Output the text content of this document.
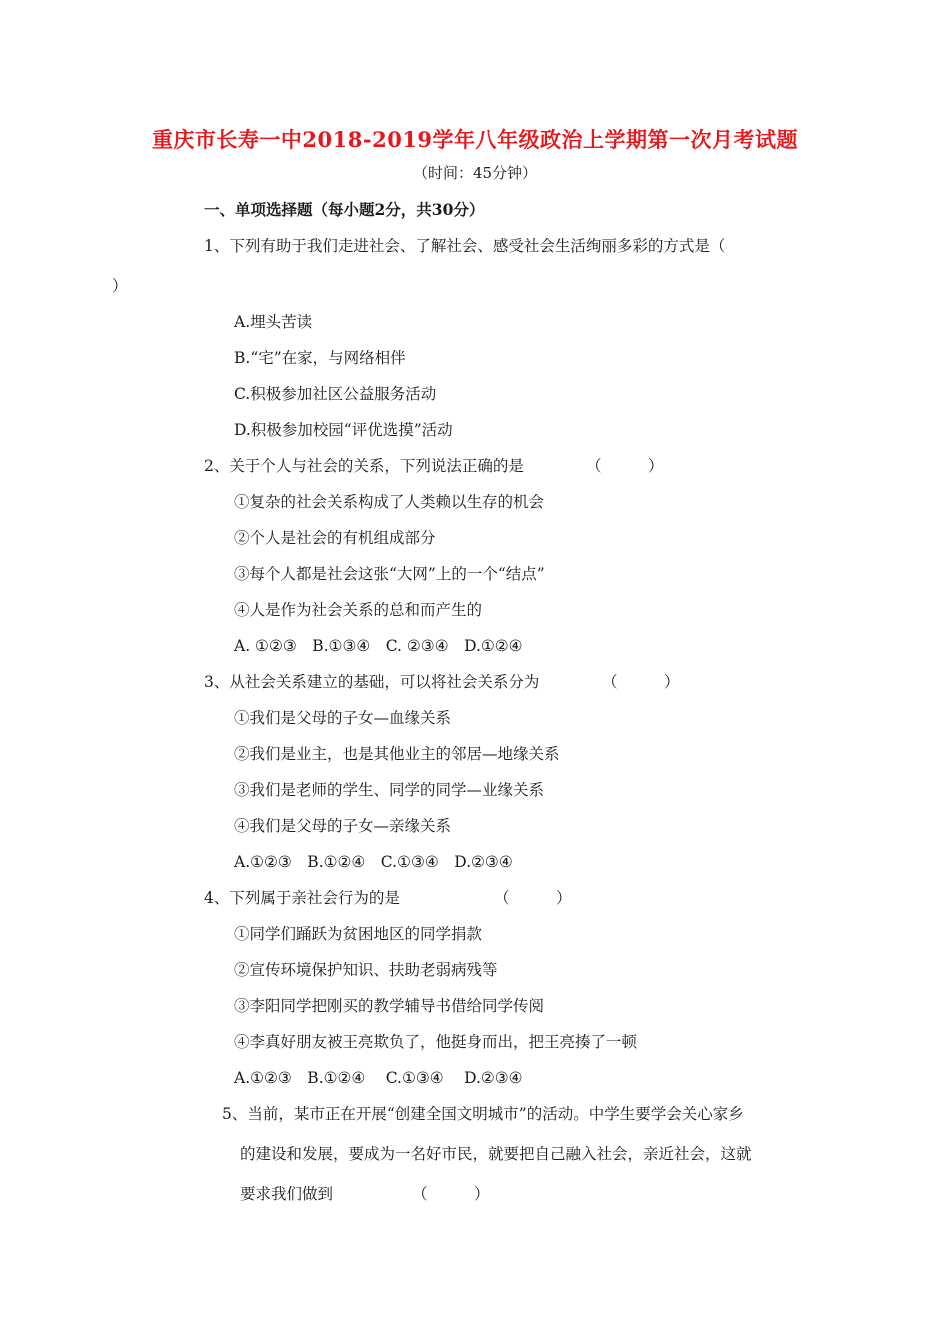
重庆市长寿一中2018-2019学年八年级政治上学期第一次月考试题
（时间：45分钟）
一、单项选择题（每小题2分，共30分）
1、下列有助于我们走进社会、了解社会、感受社会生活绚丽多彩的方式是（
）
A.埋头苦读
B.“宅”在家，与网络相伴
C.积极参加社区公益服务活动
D.积极参加校园“评优选摸”活动
2、关于个人与社会的关系，下列说法正确的是	（　　　）
①复杂的社会关系构成了人类赖以生存的机会
②个人是社会的有机组成部分
③每个人都是社会这张“大网”上的一个“结点”
④人是作为社会关系的总和而产生的
A. ①②③　B.①③④　C. ②③④　D.①②④
3、从社会关系建立的基础，可以将社会关系分为	（　　　）
①我们是父母的子女—血缘关系
②我们是业主，也是其他业主的邻居—地缘关系
③我们是老师的学生、同学的同学—业缘关系
④我们是父母的子女—亲缘关系
A.①②③　B.①②④　C.①③④　D.②③④
4、下列属于亲社会行为的是	（　　　）
①同学们踊跃为贫困地区的同学捐款
②宣传环境保护知识、扶助老弱病残等
③李阳同学把刚买的教学辅导书借给同学传阅
④李真好朋友被王亮欺负了，他挺身而出，把王亮揍了一顿
A.①②③　B.①②④　 C.①③④　 D.②③④
5、当前，某市正在开展“创建全国文明城市”的活动。中学生要学会关心家乡
的建设和发展，要成为一名好市民，就要把自己融入社会，亲近社会，这就
要求我们做到	（　　　）
